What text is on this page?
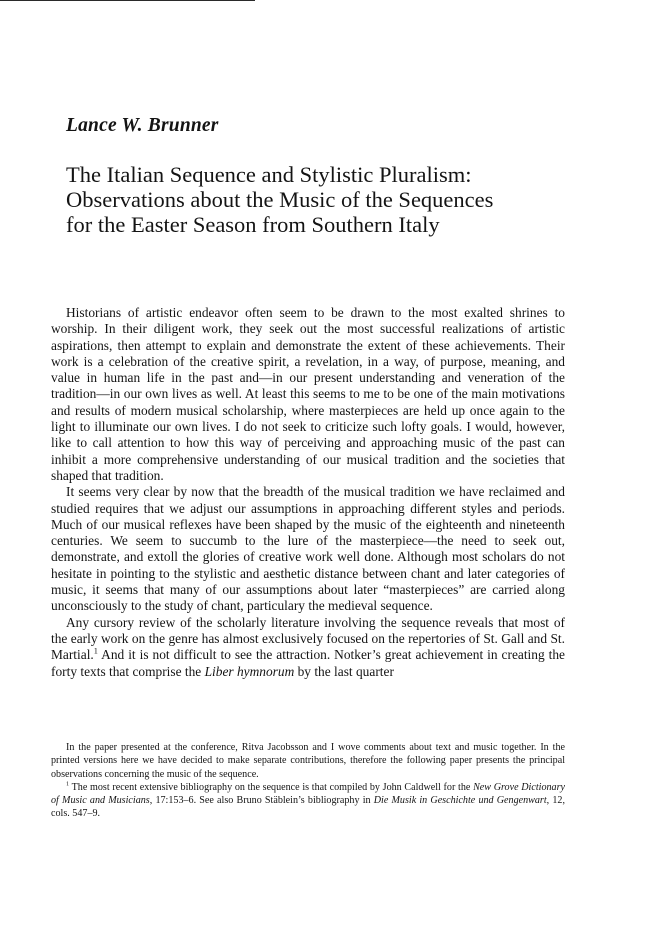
Lance W. Brunner
The Italian Sequence and Stylistic Pluralism:
Observations about the Music of the Sequences
for the Easter Season from Southern Italy

Historians of artistic endeavor often seem to be drawn to the most exalted shrines to worship. In their diligent work, they seek out the most successful realizations of artistic aspirations, then attempt to explain and demonstrate the extent of these achievements. Their work is a celebration of the creative spirit, a revelation, in a way, of purpose, meaning, and value in human life in the past and—in our present understanding and veneration of the tradition—in our own lives as well. At least this seems to me to be one of the main motivations and results of modern musical scholarship, where masterpieces are held up once again to the light to illuminate our own lives. I do not seek to criticize such lofty goals. I would, however, like to call attention to how this way of perceiving and approaching music of the past can inhibit a more comprehensive understanding of our musical tradition and the societies that shaped that tradition.

It seems very clear by now that the breadth of the musical tradition we have reclaimed and studied requires that we adjust our assumptions in approaching different styles and periods. Much of our musical reflexes have been shaped by the music of the eighteenth and nineteenth centuries. We seem to succumb to the lure of the masterpiece—the need to seek out, demonstrate, and extoll the glories of creative work well done. Although most scholars do not hesitate in pointing to the stylistic and aesthetic distance between chant and later categories of music, it seems that many of our assumptions about later “masterpieces” are carried along unconsciously to the study of chant, particulary the medieval sequence.

Any cursory review of the scholarly literature involving the sequence reveals that most of the early work on the genre has almost exclusively focused on the repertories of St. Gall and St. Martial.$^1$ And it is not difficult to see the attraction. Notker’s great achievement in creating the forty texts that comprise the Liber hymnorum by the last quarter

In the paper presented at the conference, Ritva Jacobsson and I wove comments about text and music together. In the printed versions here we have decided to make separate contributions, therefore the following paper presents the principal observations concerning the music of the sequence.

$^1$ The most recent extensive bibliography on the sequence is that compiled by John Caldwell for the New Grove Dictionary of Music and Musicians, 17:153–6. See also Bruno Stäblein’s bibliography in Die Musik in Geschichte und Gengenwart, 12, cols. 547–9.
